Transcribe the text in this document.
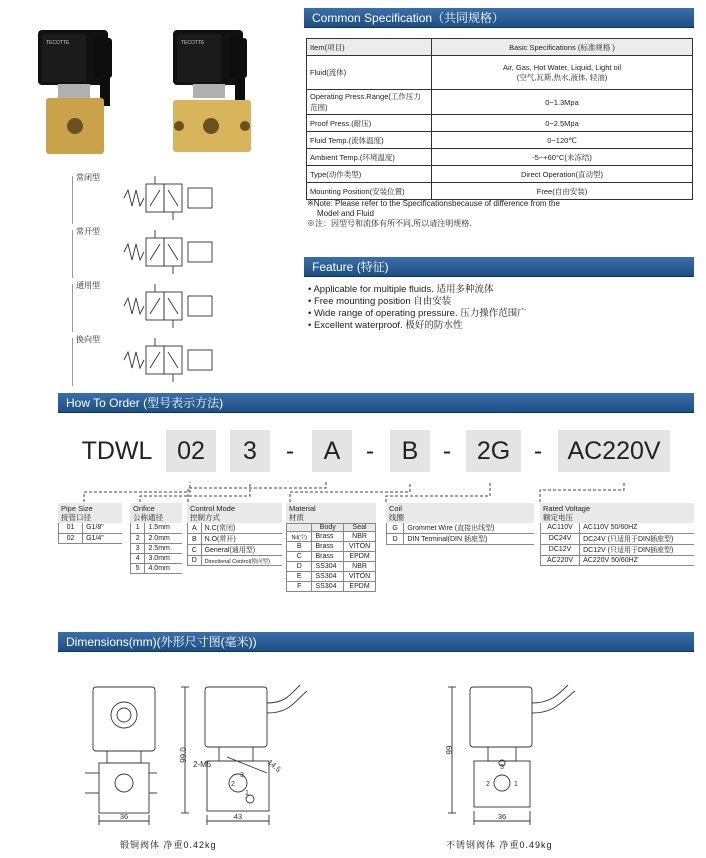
TECOTTE	TECOTTE
常闭型
常开型
通用型
换向型
Common Specification（共同规格）
Item(项目)	Basic Specifications (标准规格 )
Fluid(流体)	Air, Gas, Hot Water, Liquid, Light oil
(空气,瓦斯,热水,液体, 轻油)
Operating Press.Range(工作压力范围)	0~1.3Mpa
Proof Press.(耐压)	0~2.5Mpa
Fluid Temp.(流体温度)	0~120℃
Ambient Temp.(环境温度)	-5~+60°C(未冻结)
Type(动作类型)	Direct Operation(直动型)
Mounting Position(安装位置)	Free(自由安装)
※Note: Please refer to the Specificationsbecause of difference from the
Model and Fluid
※注：因型号和流体有所不同,所以请注明规格.
Feature (特征)
• Applicable for multiple fluids. 适用多种流体
• Free mounting position 自由安装
• Wide range of operating pressure. 压力操作范围广
• Excellent waterproof. 极好的防水性
How To Order (型号表示方法)
TDWL 02	3	-	A	-	B -	2G -	AC220V
Pipe Size
接管口径
01	G1/8"
02	G1/4"
Orifice
公称通径
1	1.5mm
2	2.0mm
3	2.5mm
4	3.0mm
5	4.0mm
Control Mode
控制方式
A	N.C(常闭)
B	N.O(常开)
C	General(通用型)
D	Directional Control(换向型)
Material
材质
	Body	Seal
Nil(空)	Brass	NBR
B	Brass	VITON
C	Brass	EPDM
D	SS304	NBR
E	SS304	VITON
F	SS304	EPDM
Coil
线圈
G	Grommet Wire (直接出线型)
D	DIN Terminal(DIN 插座型)
Rated Voltage
额定电压
AC110V	AC110V 50/60HZ
DC24V	DC24V (只适用于DIN插座型)
DC12V	DC12V (只适用于DIN插座型)
AC220V	AC220V 50/60HZ
Dimensions(mm)(外形尺寸图(毫米))
99.0
2-M5	14.5
36	43
3
2
1
锻铜阀体 净重0.42kg
99
36
3
2	1
不锈钢阀体 净重0.49kg
